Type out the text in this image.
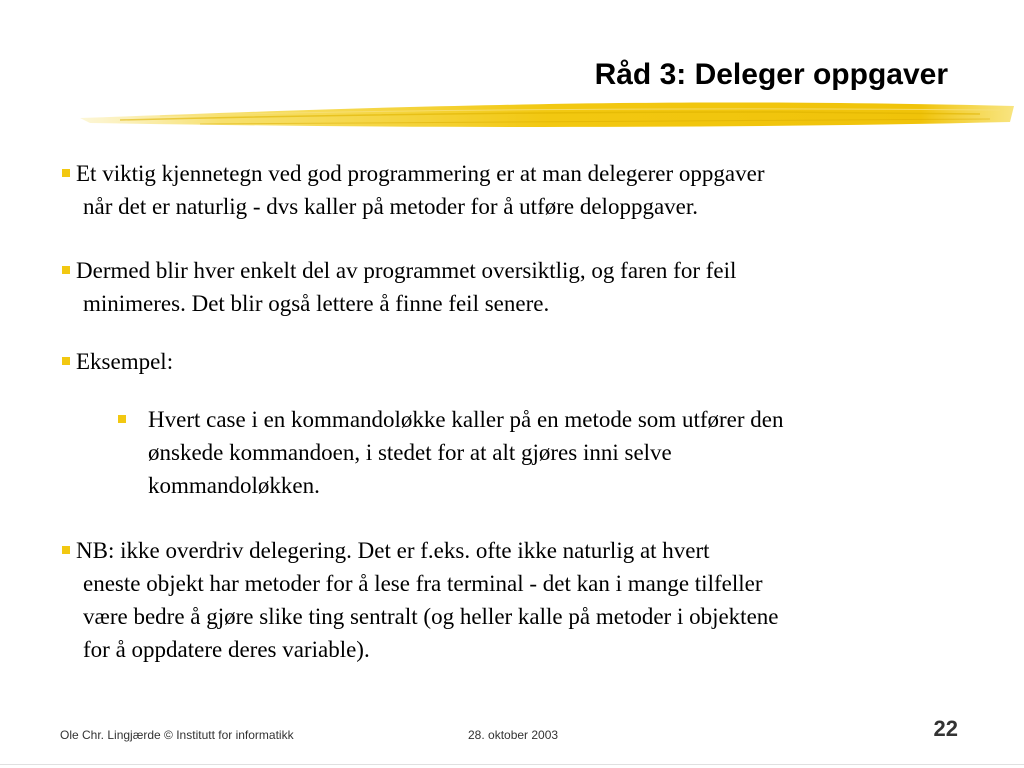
Råd 3: Deleger oppgaver
Et viktig kjennetegn ved god programmering er at man delegerer oppgaver
når det er naturlig - dvs kaller på metoder for å utføre deloppgaver.
Dermed blir hver enkelt del av programmet oversiktlig, og faren for feil
minimeres. Det blir også lettere å finne feil senere.
Eksempel:
Hvert case i en kommandoløkke kaller på en metode som utfører den
ønskede kommandoen, i stedet for at alt gjøres inni selve
kommandoløkken.
NB: ikke overdriv delegering. Det er f.eks. ofte ikke naturlig at hvert
eneste objekt har metoder for å lese fra terminal - det kan i mange tilfeller
være bedre å gjøre slike ting sentralt (og heller kalle på metoder i objektene
for å oppdatere deres variable).
Ole Chr. Lingjærde © Institutt for informatikk	28. oktober 2003	22
